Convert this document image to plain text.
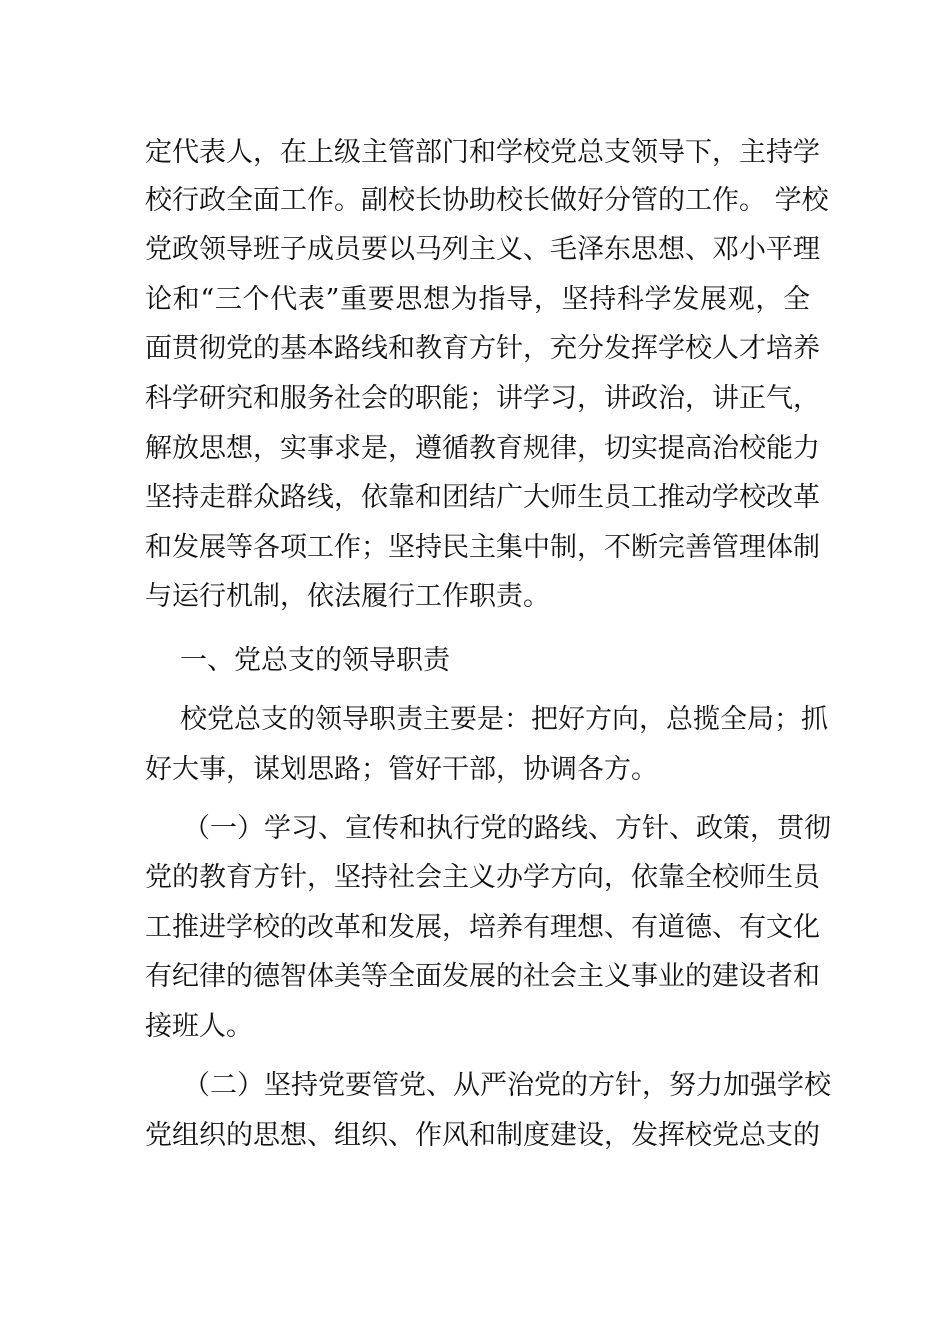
定代表人，在上级主管部门和学校党总支领导下，主持学
校行政全面工作。副校长协助校长做好分管的工作。 学校
党政领导班子成员要以马列主义、毛泽东思想、邓小平理
论和“三个代表”重要思想为指导，坚持科学发展观，全
面贯彻党的基本路线和教育方针，充分发挥学校人才培养
科学研究和服务社会的职能；讲学习，讲政治，讲正气，
解放思想，实事求是，遵循教育规律，切实提高治校能力
坚持走群众路线，依靠和团结广大师生员工推动学校改革
和发展等各项工作；坚持民主集中制，不断完善管理体制
与运行机制，依法履行工作职责。
一、党总支的领导职责
校党总支的领导职责主要是：把好方向，总揽全局；抓
好大事，谋划思路；管好干部，协调各方。
（一）学习、宣传和执行党的路线、方针、政策，贯彻
党的教育方针，坚持社会主义办学方向，依靠全校师生员
工推进学校的改革和发展，培养有理想、有道德、有文化
有纪律的德智体美等全面发展的社会主义事业的建设者和
接班人。
（二）坚持党要管党、从严治党的方针，努力加强学校
党组织的思想、组织、作风和制度建设，发挥校党总支的
